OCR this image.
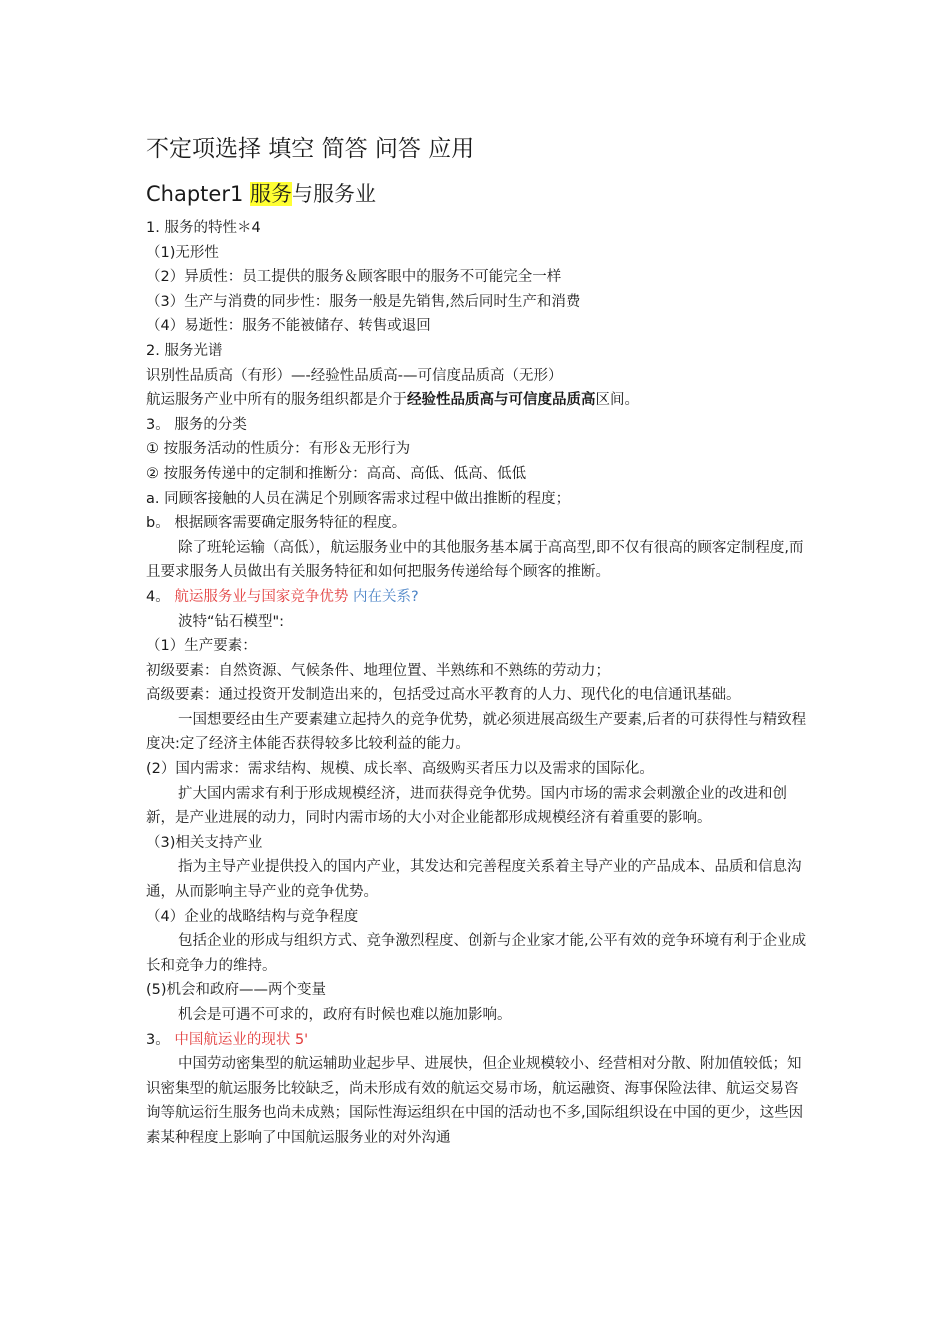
不定项选择 填空 简答 问答 应用
Chapter1 服务与服务业

1. 服务的特性＊4

（1)无形性

（2）异质性：员工提供的服务＆顾客眼中的服务不可能完全一样

（3）生产与消费的同步性：服务一般是先销售,然后同时生产和消费

（4）易逝性：服务不能被储存、转售或退回

2. 服务光谱

识别性品质高（有形）—-经验性品质高-—可信度品质高（无形）

航运服务产业中所有的服务组织都是介于经验性品质高与可信度品质高区间。

3。 服务的分类

① 按服务活动的性质分：有形＆无形行为

② 按服务传递中的定制和推断分：高高、高低、低高、低低

a. 同顾客接触的人员在满足个别顾客需求过程中做出推断的程度；

b。 根据顾客需要确定服务特征的程度。

除了班轮运输（高低），航运服务业中的其他服务基本属于高高型,即不仅有很高的顾客定制程度,而且要求服务人员做出有关服务特征和如何把服务传递给每个顾客的推断。

4。 航运服务业与国家竞争优势 内在关系?

波特“钻石模型":

（1）生产要素：

初级要素：自然资源、气候条件、地理位置、半熟练和不熟练的劳动力；

高级要素：通过投资开发制造出来的，包括受过高水平教育的人力、现代化的电信通讯基础。

一国想要经由生产要素建立起持久的竞争优势，就必须进展高级生产要素,后者的可获得性与精致程度决:定了经济主体能否获得较多比较利益的能力。

(2）国内需求：需求结构、规模、成长率、高级购买者压力以及需求的国际化。

扩大国内需求有利于形成规模经济，进而获得竞争优势。国内市场的需求会刺激企业的改进和创新，是产业进展的动力，同时内需市场的大小对企业能都形成规模经济有着重要的影响。

（3)相关支持产业

指为主导产业提供投入的国内产业，其发达和完善程度关系着主导产业的产品成本、品质和信息沟通，从而影响主导产业的竞争优势。

（4）企业的战略结构与竞争程度

包括企业的形成与组织方式、竞争激烈程度、创新与企业家才能,公平有效的竞争环境有利于企业成长和竞争力的维持。

(5)机会和政府——两个变量

机会是可遇不可求的，政府有时候也难以施加影响。

3。 中国航运业的现状 5'

中国劳动密集型的航运辅助业起步早、进展快，但企业规模较小、经营相对分散、附加值较低；知识密集型的航运服务比较缺乏，尚未形成有效的航运交易市场，航运融资、海事保险法律、航运交易咨询等航运衍生服务也尚未成熟；国际性海运组织在中国的活动也不多,国际组织设在中国的更少，这些因素某种程度上影响了中国航运服务业的对外沟通
